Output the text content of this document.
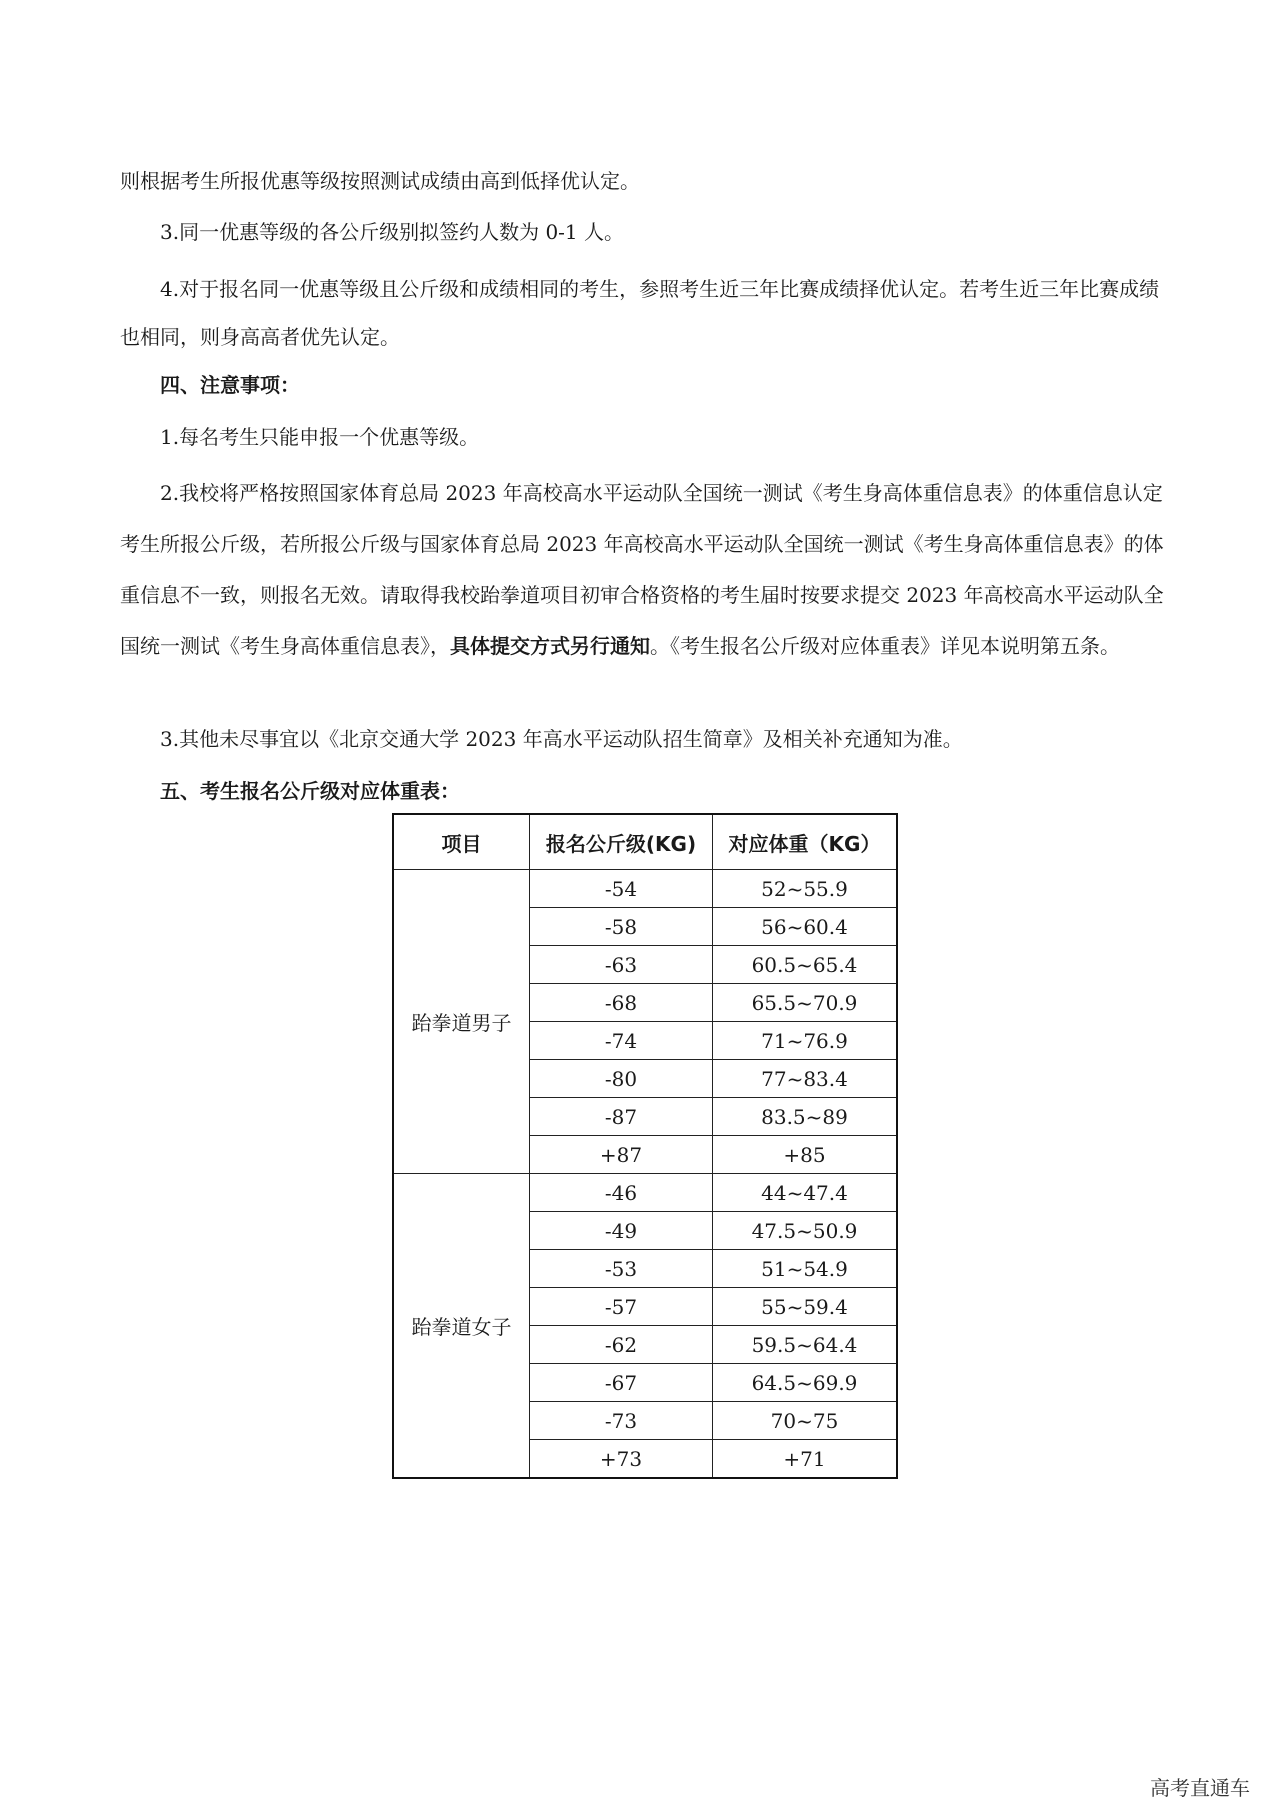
则根据考生所报优惠等级按照测试成绩由高到低择优认定。

3.同一优惠等级的各公斤级别拟签约人数为 0-1 人。

4.对于报名同一优惠等级且公斤级和成绩相同的考生，参照考生近三年比赛成绩择优认定。若考生近三年比赛成绩也相同，则身高高者优先认定。

四、注意事项：

1.每名考生只能申报一个优惠等级。

2.我校将严格按照国家体育总局 2023 年高校高水平运动队全国统一测试《考生身高体重信息表》的体重信息认定考生所报公斤级，若所报公斤级与国家体育总局 2023 年高校高水平运动队全国统一测试《考生身高体重信息表》的体重信息不一致，则报名无效。请取得我校跆拳道项目初审合格资格的考生届时按要求提交 2023 年高校高水平运动队全国统一测试《考生身高体重信息表》，具体提交方式另行通知。《考生报名公斤级对应体重表》详见本说明第五条。

3.其他未尽事宜以《北京交通大学 2023 年高水平运动队招生简章》及相关补充通知为准。

五、考生报名公斤级对应体重表：

项目	报名公斤级(KG)	对应体重（KG）
跆拳道男子	-54	52~55.9
	-58	56~60.4
	-63	60.5~65.4
	-68	65.5~70.9
	-74	71~76.9
	-80	77~83.4
	-87	83.5~89
	+87	+85
跆拳道女子	-46	44~47.4
	-49	47.5~50.9
	-53	51~54.9
	-57	55~59.4
	-62	59.5~64.4
	-67	64.5~69.9
	-73	70~75
	+73	+71
高考直通车
